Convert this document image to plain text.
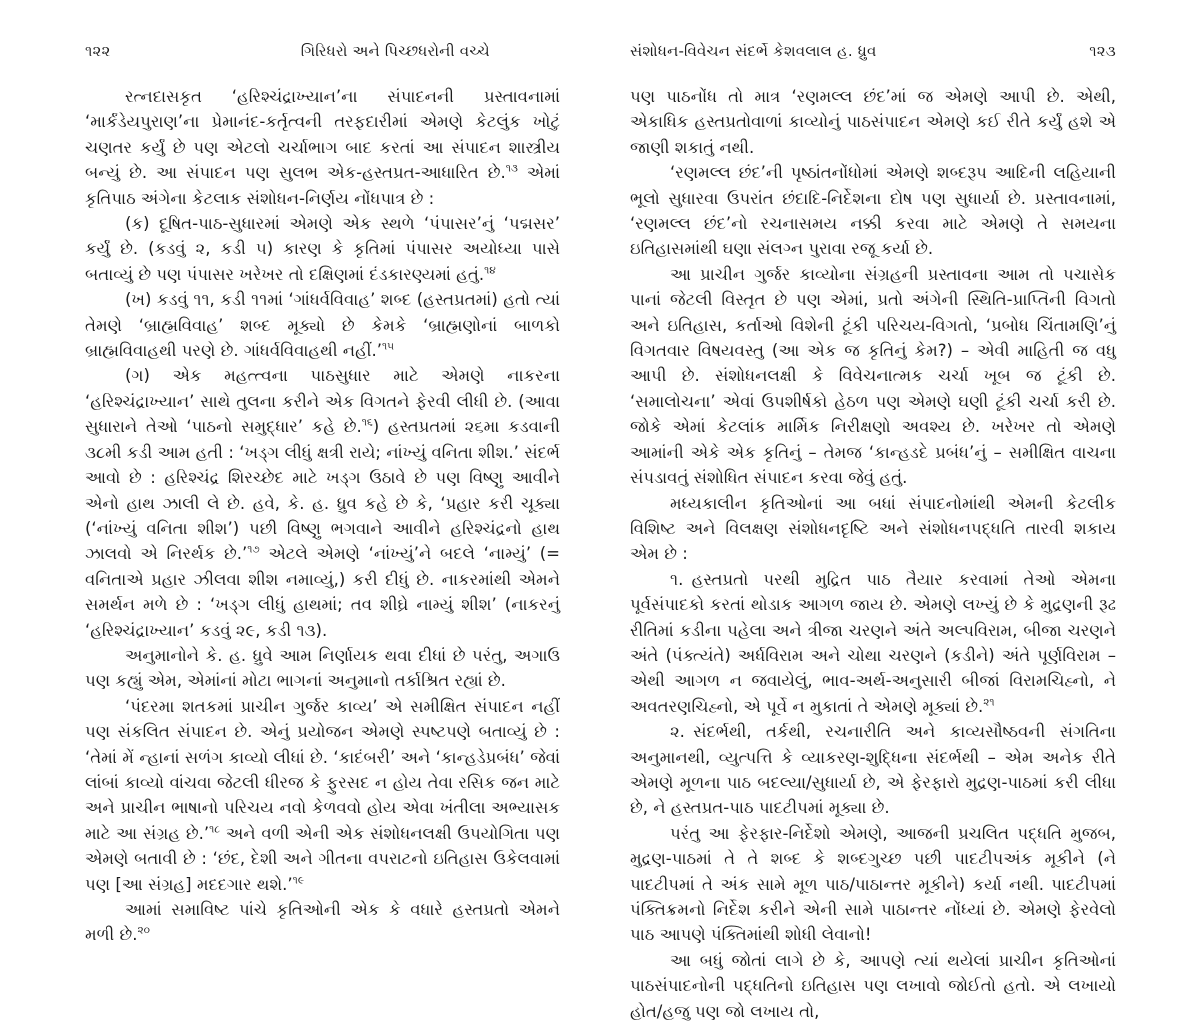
૧૨૨	ગિરિધરો અને પિચ્છધરોની વચ્ચે

રત્નદાસકૃત ‘હરિશ્ચંદ્રાખ્યાન’ના સંપાદનની પ્રસ્તાવનામાં ‘માર્કંડેયપુરાણ’ના પ્રેમાનંદ-કર્તૃત્વની તરફદારીમાં એમણે કેટલુંક ખોટું ચણતર કર્યું છે પણ એટલો ચર્ચાભાગ બાદ કરતાં આ સંપાદન શાસ્ત્રીય બન્યું છે. આ સંપાદન પણ સુલભ એક-હસ્તપ્રત-આધારિત છે.$^{૧૩}$ એમાં કૃતિપાઠ અંગેના કેટલાક સંશોધન-નિર્ણય નોંધપાત્ર છે :

(ક) દૂષિત-પાઠ-સુધારમાં એમણે એક સ્થળે ‘પંપાસર’નું ‘પદ્મસર’ કર્યું છે. (કડવું ૨, કડી ૫) કારણ કે કૃતિમાં પંપાસર અયોધ્યા પાસે બતાવ્યું છે પણ પંપાસર ખરેખર તો દક્ષિણમાં દંડકારણ્યમાં હતું.$^{૧૪}$

(ખ) કડવું ૧૧, કડી ૧૧માં ‘ગાંધર્વવિવાહ’ શબ્દ (હસ્તપ્રતમાં) હતો ત્યાં તેમણે ‘બ્રાહ્મવિવાહ’ શબ્દ મૂક્યો છે કેમકે ‘બ્રાહ્મણોનાં બાળકો બ્રાહ્મવિવાહથી પરણે છે. ગાંધર્વવિવાહથી નહીં.’$^{૧૫}$

(ગ) એક મહત્ત્વના પાઠસુધાર માટે એમણે નાકરના ‘હરિશ્ચંદ્રાખ્યાન’ સાથે તુલના કરીને એક વિગતને ફેરવી લીધી છે. (આવા સુધારાને તેઓ ‘પાઠનો સમુદ્ધાર’ કહે છે.$^{૧૬}$) હસ્તપ્રતમાં ૨૬મા કડવાની ૩૮મી કડી આમ હતી : ‘ખડ્ગ લીધું ક્ષત્રી રાયે; નાંખ્યું વનિતા શીશ.’ સંદર્ભ આવો છે : હરિશ્ચંદ્ર શિરચ્છેદ માટે ખડ્ગ ઉઠાવે છે પણ વિષ્ણુ આવીને એનો હાથ ઝાલી લે છે. હવે, કે. હ. ધ્રુવ કહે છે કે, ‘પ્રહાર કરી ચૂક્યા (‘નાંખ્યું વનિતા શીશ’) પછી વિષ્ણુ ભગવાને આવીને હરિશ્ચંદ્રનો હાથ ઝાલવો એ નિરર્થક છે.’$^{૧૭}$ એટલે એમણે ‘નાંખ્યું’ને બદલે ‘નામ્યું’ (= વનિતાએ પ્રહાર ઝીલવા શીશ નમાવ્યું,) કરી દીધું છે. નાકરમાંથી એમને સમર્થન મળે છે : ‘ખડ્ગ લીધું હાથમાં; તવ શીઘ્રે નામ્યું શીશ’ (નાકરનું ‘હરિશ્ચંદ્રાખ્યાન’ કડવું ૨૯, કડી ૧૩).

અનુમાનોને કે. હ. ધ્રુવે આમ નિર્ણાયક થવા દીધાં છે પરંતુ, અગાઉ પણ કહ્યું એમ, એમાંનાં મોટા ભાગનાં અનુમાનો તર્કાશ્રિત રહ્યાં છે.

‘પંદરમા શતકમાં પ્રાચીન ગુર્જર કાવ્ય’ એ સમીક્ષિત સંપાદન નહીં પણ સંકલિત સંપાદન છે. એનું પ્રયોજન એમણે સ્પષ્ટપણે બતાવ્યું છે : ‘તેમાં મેં ન્હાનાં સળંગ કાવ્યો લીધાં છે. ‘કાદંબરી’ અને ‘કાન્હડેપ્રબંધ’ જેવાં લાંબાં કાવ્યો વાંચવા જેટલી ધીરજ કે ફુરસદ ન હોય તેવા રસિક જન માટે અને પ્રાચીન ભાષાનો પરિચય નવો કેળવવો હોય એવા ખંતીલા અભ્યાસક માટે આ સંગ્રહ છે.’$^{૧૮}$ અને વળી એની એક સંશોધનલક્ષી ઉપયોગિતા પણ એમણે બતાવી છે : ‘છંદ, દેશી અને ગીતના વપરાટનો ઇતિહાસ ઉકેલવામાં પણ [આ સંગ્રહ] મદદગાર થશે.’$^{૧૯}$

આમાં સમાવિષ્ટ પાંચે કૃતિઓની એક કે વધારે હસ્તપ્રતો એમને મળી છે.$^{૨૦}$

સંશોધન-વિવેચન સંદર્ભે કેશવલાલ હ. ધ્રુવ	૧૨૩

પણ પાઠનોંધ તો માત્ર ‘રણમલ્લ છંદ’માં જ એમણે આપી છે. એથી, એકાધિક હસ્તપ્રતોવાળાં કાવ્યોનું પાઠસંપાદન એમણે કઈ રીતે કર્યું હશે એ જાણી શકાતું નથી.

‘રણમલ્લ છંદ’ની પૃષ્ઠાંતનોંધોમાં એમણે શબ્દરૂપ આદિની લહિયાની ભૂલો સુધારવા ઉપરાંત છંદાદિ-નિર્દેશના દોષ પણ સુધાર્યા છે. પ્રસ્તાવનામાં, ‘રણમલ્લ છંદ’નો રચનાસમય નક્કી કરવા માટે એમણે તે સમયના ઇતિહાસમાંથી ઘણા સંલગ્ન પુરાવા રજૂ કર્યા છે.

આ પ્રાચીન ગુર્જર કાવ્યોના સંગ્રહની પ્રસ્તાવના આમ તો પચાસેક પાનાં જેટલી વિસ્તૃત છે પણ એમાં, પ્રતો અંગેની સ્થિતિ-પ્રાપ્તિની વિગતો અને ઇતિહાસ, કર્તાઓ વિશેની ટૂંકી પરિચય-વિગતો, ‘પ્રબોધ ચિંતામણિ’નું વિગતવાર વિષયવસ્તુ (આ એક જ કૃતિનું કેમ?) – એવી માહિતી જ વધુ આપી છે. સંશોધનલક્ષી કે વિવેચનાત્મક ચર્ચા ખૂબ જ ટૂંકી છે. ‘સમાલોચના’ એવાં ઉપશીર્ષકો હેઠળ પણ એમણે ઘણી ટૂંકી ચર્ચા કરી છે. જોકે એમાં કેટલાંક માર્મિક નિરીક્ષણો અવશ્ય છે. ખરેખર તો એમણે આમાંની એકે એક કૃતિનું – તેમજ ‘કાન્હડદે પ્રબંધ’નું – સમીક્ષિત વાચના સંપડાવતું સંશોધિત સંપાદન કરવા જેવું હતું.

મધ્યકાલીન કૃતિઓનાં આ બધાં સંપાદનોમાંથી એમની કેટલીક વિશિષ્ટ અને વિલક્ષણ સંશોધનદૃષ્ટિ અને સંશોધનપદ્ધતિ તારવી શકાય એમ છે :

૧. હસ્તપ્રતો પરથી મુદ્રિત પાઠ તૈયાર કરવામાં તેઓ એમના પૂર્વસંપાદકો કરતાં થોડાક આગળ જાય છે. એમણે લખ્યું છે કે મુદ્રણની રૂઢ રીતિમાં કડીના પહેલા અને ત્રીજા ચરણને અંતે અલ્પવિરામ, બીજા ચરણને અંતે (પંક્ત્યંતે) અર્ધવિરામ અને ચોથા ચરણને (કડીને) અંતે પૂર્ણવિરામ – એથી આગળ ન જવાયેલું, ભાવ-અર્થ-અનુસારી બીજાં વિરામચિહ્નો, ને અવતરણચિહ્નો, એ પૂર્વે ન મુકાતાં તે એમણે મૂક્યાં છે.$^{૨૧}$

૨. સંદર્ભથી, તર્કથી, રચનારીતિ અને કાવ્યસૌષ્ઠવની સંગતિના અનુમાનથી, વ્યુત્પત્તિ કે વ્યાકરણ-શુદ્ધિના સંદર્ભથી – એમ અનેક રીતે એમણે મૂળના પાઠ બદલ્યા/સુધાર્યા છે, એ ફેરફારો મુદ્રણ-પાઠમાં કરી લીધા છે, ને હસ્તપ્રત-પાઠ પાદટીપમાં મૂક્યા છે.

પરંતુ આ ફેરફાર-નિર્દેશો એમણે, આજની પ્રચલિત પદ્ધતિ મુજબ, મુદ્રણ-પાઠમાં તે તે શબ્દ કે શબ્દગુચ્છ પછી પાદટીપઅંક મૂકીને (ને પાદટીપમાં તે અંક સામે મૂળ પાઠ/પાઠાન્તર મૂકીને) કર્યા નથી. પાદટીપમાં પંક્તિક્રમનો નિર્દેશ કરીને એની સામે પાઠાન્તર નોંધ્યાં છે. એમણે ફેરવેલો પાઠ આપણે પંક્તિમાંથી શોધી લેવાનો!

આ બધું જોતાં લાગે છે કે, આપણે ત્યાં થયેલાં પ્રાચીન કૃતિઓનાં પાઠસંપાદનોની પદ્ધતિનો ઇતિહાસ પણ લખાવો જોઈતો હતો. એ લખાયો હોત/હજુ પણ જો લખાય તો,
